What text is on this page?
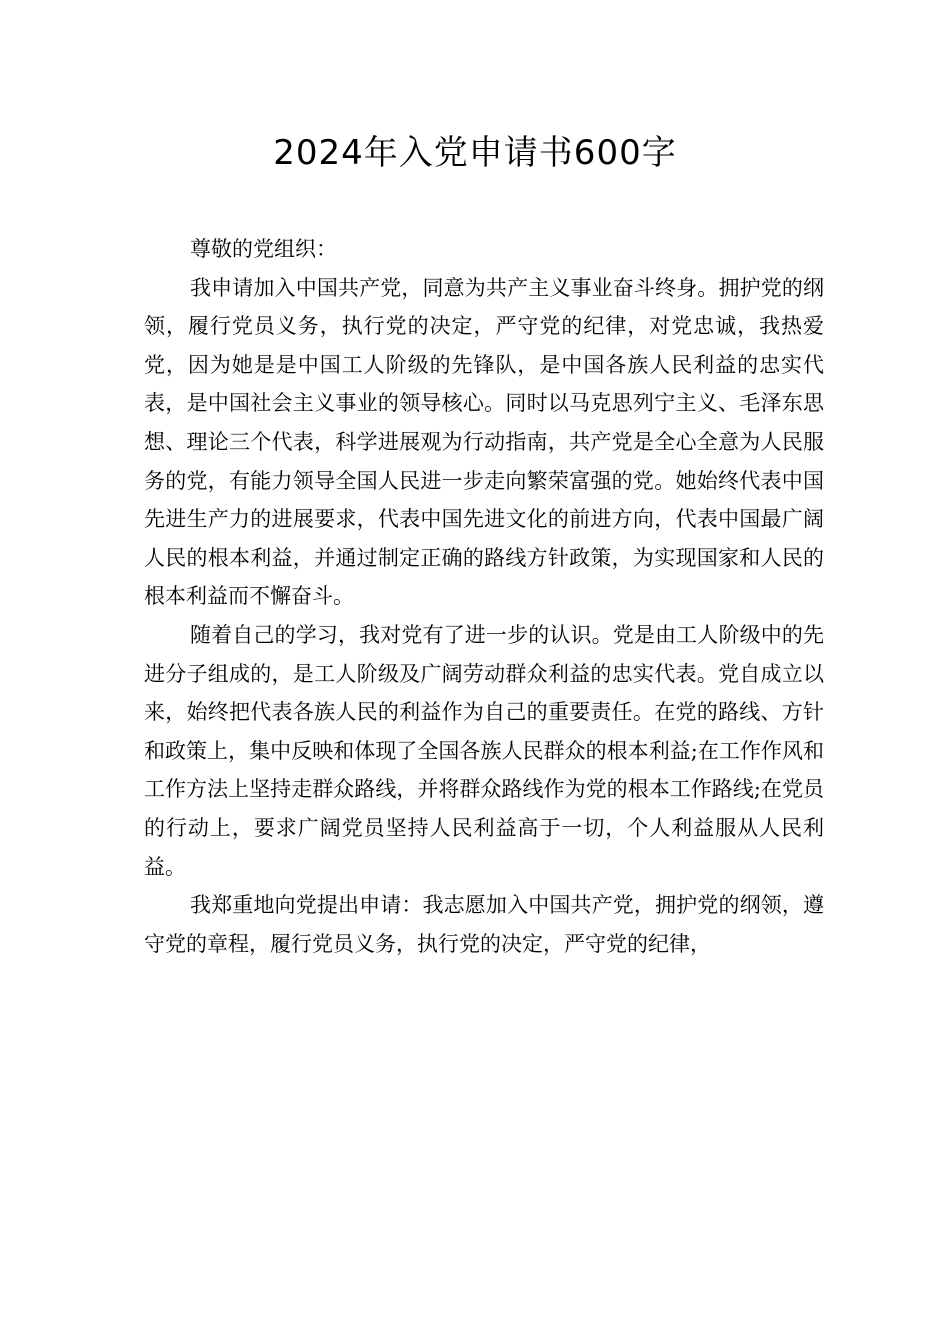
2024年入党申请书600字

尊敬的党组织：

我申请加入中国共产党，同意为共产主义事业奋斗终身。拥护党的纲领，履行党员义务，执行党的决定，严守党的纪律，对党忠诚，我热爱党，因为她是是中国工人阶级的先锋队，是中国各族人民利益的忠实代表，是中国社会主义事业的领导核心。同时以马克思列宁主义、毛泽东思想、理论三个代表，科学进展观为行动指南，共产党是全心全意为人民服务的党，有能力领导全国人民进一步走向繁荣富强的党。她始终代表中国先进生产力的进展要求，代表中国先进文化的前进方向，代表中国最广阔人民的根本利益，并通过制定正确的路线方针政策，为实现国家和人民的根本利益而不懈奋斗。

随着自己的学习，我对党有了进一步的认识。党是由工人阶级中的先进分子组成的，是工人阶级及广阔劳动群众利益的忠实代表。党自成立以来，始终把代表各族人民的利益作为自己的重要责任。在党的路线、方针和政策上，集中反映和体现了全国各族人民群众的根本利益;在工作作风和工作方法上坚持走群众路线，并将群众路线作为党的根本工作路线;在党员的行动上，要求广阔党员坚持人民利益高于一切，个人利益服从人民利益。

我郑重地向党提出申请：我志愿加入中国共产党，拥护党的纲领，遵守党的章程，履行党员义务，执行党的决定，严守党的纪律，
